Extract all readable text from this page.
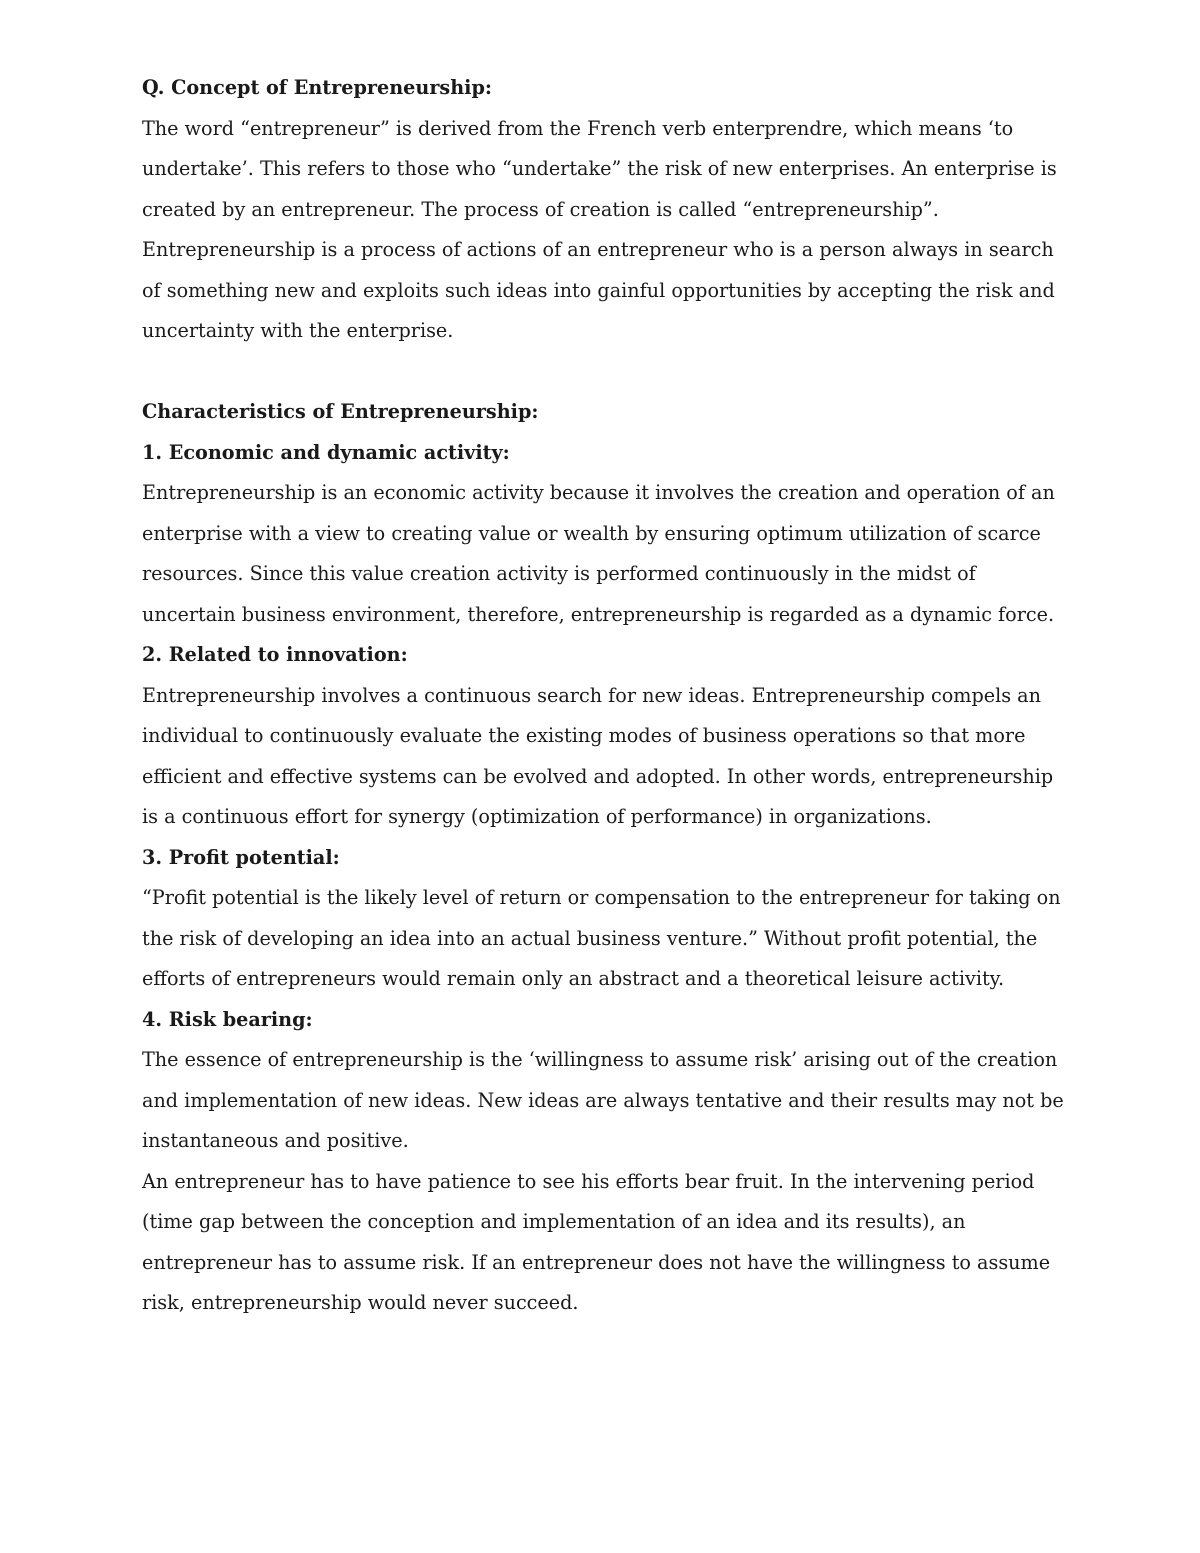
Q. Concept of Entrepreneurship:

The word “entrepreneur” is derived from the French verb enterprendre, which means ‘to undertake’. This refers to those who “undertake” the risk of new enterprises. An enterprise is created by an entrepreneur. The process of creation is called “entrepreneurship”.

Entrepreneurship is a process of actions of an entrepreneur who is a person always in search of something new and exploits such ideas into gainful opportunities by accepting the risk and uncertainty with the enterprise.

Characteristics of Entrepreneurship:

1. Economic and dynamic activity:

Entrepreneurship is an economic activity because it involves the creation and operation of an enterprise with a view to creating value or wealth by ensuring optimum utilization of scarce resources. Since this value creation activity is performed continuously in the midst of uncertain business environment, therefore, entrepreneurship is regarded as a dynamic force.

2. Related to innovation:

Entrepreneurship involves a continuous search for new ideas. Entrepreneurship compels an individual to continuously evaluate the existing modes of business operations so that more efficient and effective systems can be evolved and adopted. In other words, entrepreneurship is a continuous effort for synergy (optimization of performance) in organizations.

3. Profit potential:

“Profit potential is the likely level of return or compensation to the entrepreneur for taking on the risk of developing an idea into an actual business venture.” Without profit potential, the efforts of entrepreneurs would remain only an abstract and a theoretical leisure activity.

4. Risk bearing:

The essence of entrepreneurship is the ‘willingness to assume risk’ arising out of the creation and implementation of new ideas. New ideas are always tentative and their results may not be instantaneous and positive.

An entrepreneur has to have patience to see his efforts bear fruit. In the intervening period (time gap between the conception and implementation of an idea and its results), an entrepreneur has to assume risk. If an entrepreneur does not have the willingness to assume risk, entrepreneurship would never succeed.
